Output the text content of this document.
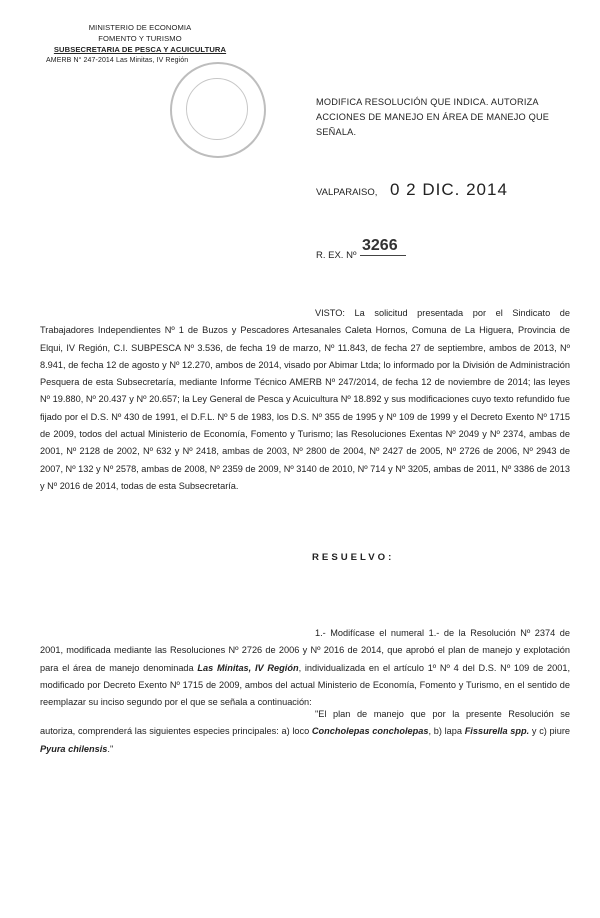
MINISTERIO DE ECONOMIA
FOMENTO Y TURISMO
SUBSECRETARIA DE PESCA Y ACUICULTURA
AMERB N° 247-2014 Las Minitas, IV Región
MODIFICA RESOLUCIÓN QUE INDICA. AUTORIZA ACCIONES DE MANEJO EN ÁREA DE MANEJO QUE SEÑALA.
VALPARAISO, 0 2 DIC. 2014
R. EX. Nº
3266
VISTO: La solicitud presentada por el Sindicato de Trabajadores Independientes Nº 1 de Buzos y Pescadores Artesanales Caleta Hornos, Comuna de La Higuera, Provincia de Elqui, IV Región, C.I. SUBPESCA Nº 3.536, de fecha 19 de marzo, Nº 11.843, de fecha 27 de septiembre, ambos de 2013, Nº 8.941, de fecha 12 de agosto y Nº 12.270, ambos de 2014, visado por Abimar Ltda; lo informado por la División de Administración Pesquera de esta Subsecretaría, mediante Informe Técnico AMERB Nº 247/2014, de fecha 12 de noviembre de 2014; las leyes Nº 19.880, Nº 20.437 y Nº 20.657; la Ley General de Pesca y Acuicultura Nº 18.892 y sus modificaciones cuyo texto refundido fue fijado por el D.S. Nº 430 de 1991, el D.F.L. Nº 5 de 1983, los D.S. Nº 355 de 1995 y Nº 109 de 1999 y el Decreto Exento Nº 1715 de 2009, todos del actual Ministerio de Economía, Fomento y Turismo; las Resoluciones Exentas Nº 2049 y Nº 2374, ambas de 2001, Nº 2128 de 2002, Nº 632 y Nº 2418, ambas de 2003, Nº 2800 de 2004, Nº 2427 de 2005, Nº 2726 de 2006, Nº 2943 de 2007, Nº 132 y Nº 2578, ambas de 2008, Nº 2359 de 2009, Nº 3140 de 2010, Nº 714 y Nº 3205, ambas de 2011, Nº 3386 de 2013 y Nº 2016 de 2014, todas de esta Subsecretaría.
RESUELVO:
1.- Modifícase el numeral 1.- de la Resolución Nº 2374 de 2001, modificada mediante las Resoluciones Nº 2726 de 2006 y Nº 2016 de 2014, que aprobó el plan de manejo y explotación para el área de manejo denominada Las Minitas, IV Región, individualizada en el artículo 1º Nº 4 del D.S. Nº 109 de 2001, modificado por Decreto Exento Nº 1715 de 2009, ambos del actual Ministerio de Economía, Fomento y Turismo, en el sentido de reemplazar su inciso segundo por el que se señala a continuación:
"El plan de manejo que por la presente Resolución se autoriza, comprenderá las siguientes especies principales: a) loco Concholepas concholepas, b) lapa Fissurella spp. y c) piure Pyura chilensis."
